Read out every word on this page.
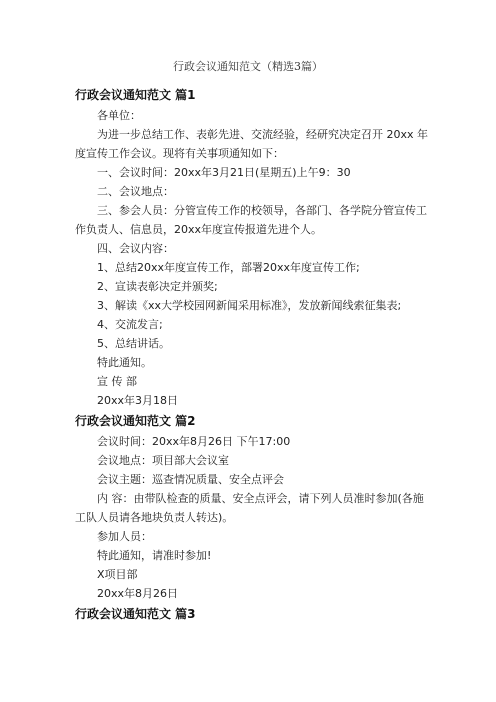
行政会议通知范文（精选3篇）

行政会议通知范文 篇1

各单位：

为进一步总结工作、表彰先进、交流经验，经研究决定召开 20xx 年度宣传工作会议。现将有关事项通知如下：

一、会议时间：20xx年3月21日(星期五)上午9：30

二、会议地点：

三、参会人员：分管宣传工作的校领导，各部门、各学院分管宣传工作负责人、信息员，20xx年度宣传报道先进个人。

四、会议内容：

1、总结20xx年度宣传工作，部署20xx年度宣传工作;

2、宣读表彰决定并颁奖;

3、解读《xx大学校园网新闻采用标准》，发放新闻线索征集表;

4、交流发言;

5、总结讲话。

特此通知。

宣 传 部

20xx年3月18日

行政会议通知范文 篇2

会议时间：20xx年8月26日 下午17:00

会议地点：项目部大会议室

会议主题：巡查情况质量、安全点评会

内 容：由带队检查的质量、安全点评会，请下列人员准时参加(各施工队人员请各地块负责人转达)。

参加人员：

特此通知，请准时参加!

X项目部

20xx年8月26日

行政会议通知范文 篇3
